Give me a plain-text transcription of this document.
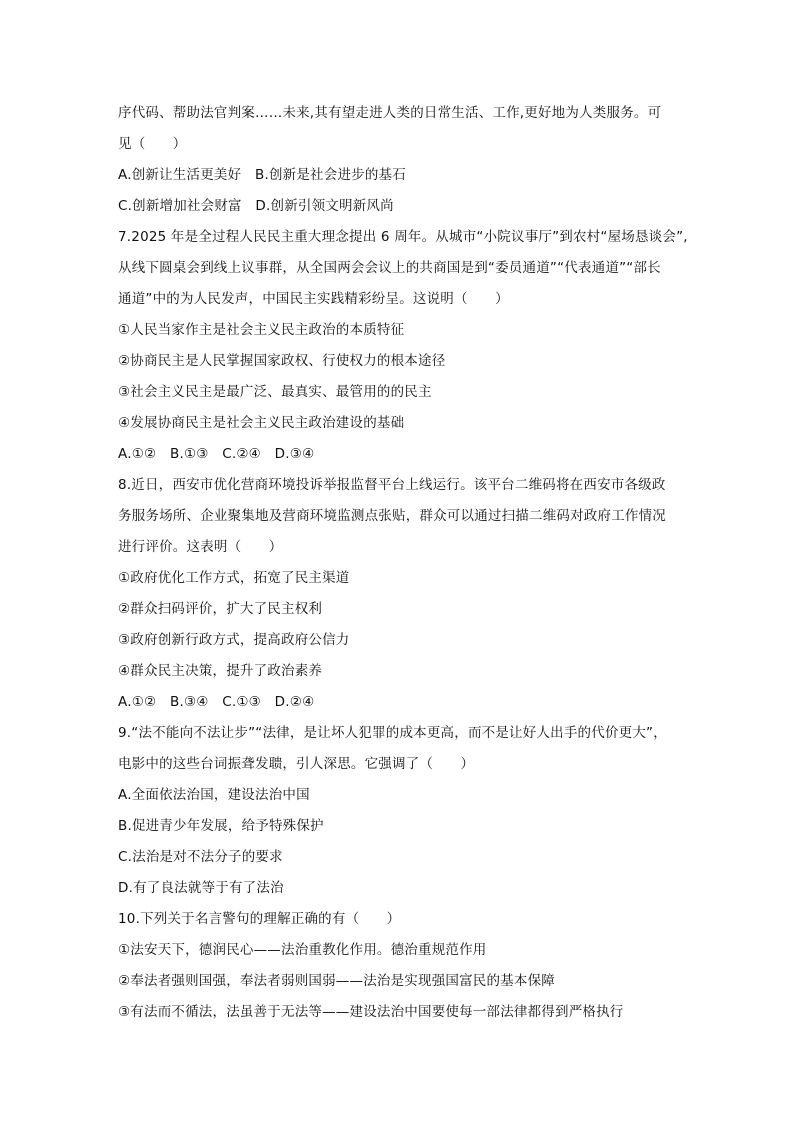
序代码、帮助法官判案……未来,其有望走进人类的日常生活、工作,更好地为人类服务。可
见（　　）
A.创新让生活更美好　B.创新是社会进步的基石
C.创新增加社会财富　D.创新引领文明新风尚
7.2025 年是全过程人民民主重大理念提出 6 周年。从城市“小院议事厅”到农村“屋场恳谈会”,
从线下圆桌会到线上议事群，从全国两会会议上的共商国是到“委员通道”“代表通道”“部长
通道”中的为人民发声，中国民主实践精彩纷呈。这说明（　　）
①人民当家作主是社会主义民主政治的本质特征
②协商民主是人民掌握国家政权、行使权力的根本途径
③社会主义民主是最广泛、最真实、最管用的的民主
④发展协商民主是社会主义民主政治建设的基础
A.①②　B.①③　C.②④　D.③④
8.近日，西安市优化营商环境投诉举报监督平台上线运行。该平台二维码将在西安市各级政
务服务场所、企业聚集地及营商环境监测点张贴，群众可以通过扫描二维码对政府工作情况
进行评价。这表明（　　）
①政府优化工作方式，拓宽了民主渠道
②群众扫码评价，扩大了民主权利
③政府创新行政方式，提高政府公信力
④群众民主决策，提升了政治素养
A.①②　B.③④　C.①③　D.②④
9.“法不能向不法让步”“法律，是让坏人犯罪的成本更高，而不是让好人出手的代价更大”，
电影中的这些台词振聋发聩，引人深思。它强调了（　　）
A.全面依法治国，建设法治中国
B.促进青少年发展，给予特殊保护
C.法治是对不法分子的要求
D.有了良法就等于有了法治
10.下列关于名言警句的理解正确的有（　　）
①法安天下，德润民心——法治重教化作用。德治重规范作用
②奉法者强则国强，奉法者弱则国弱——法治是实现强国富民的基本保障
③有法而不循法，法虽善于无法等——建设法治中国要使每一部法律都得到严格执行
